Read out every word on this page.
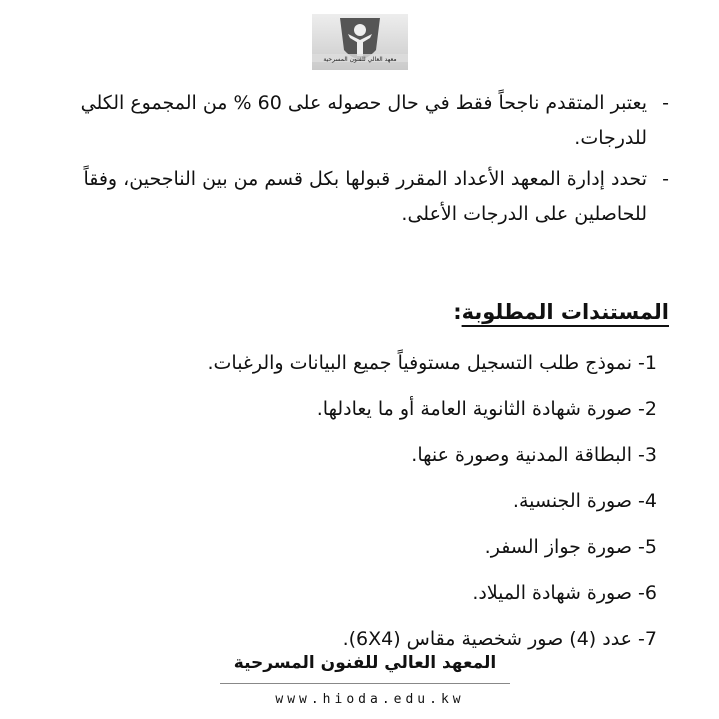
معهد العالي للفنون المسرحية
-
يعتبر المتقدم ناجحاً فقط في حال حصوله على 60 % من المجموع الكلي للدرجات.
-
تحدد إدارة المعهد الأعداد المقرر قبولها بكل قسم من بين الناجحين، وفقاً للحاصلين على الدرجات الأعلى.
المستندات المطلوبة:
1- نموذج طلب التسجيل مستوفياً جميع البيانات والرغبات.
2- صورة شهادة الثانوية العامة أو ما يعادلها.
3- البطاقة المدنية وصورة عنها.
4- صورة الجنسية.
5- صورة جواز السفر.
6- صورة شهادة الميلاد.
7- عدد (4) صور شخصية مقاس (6X4).
المعهد العالي للفنون المسرحية
www.hioda.edu.kw
